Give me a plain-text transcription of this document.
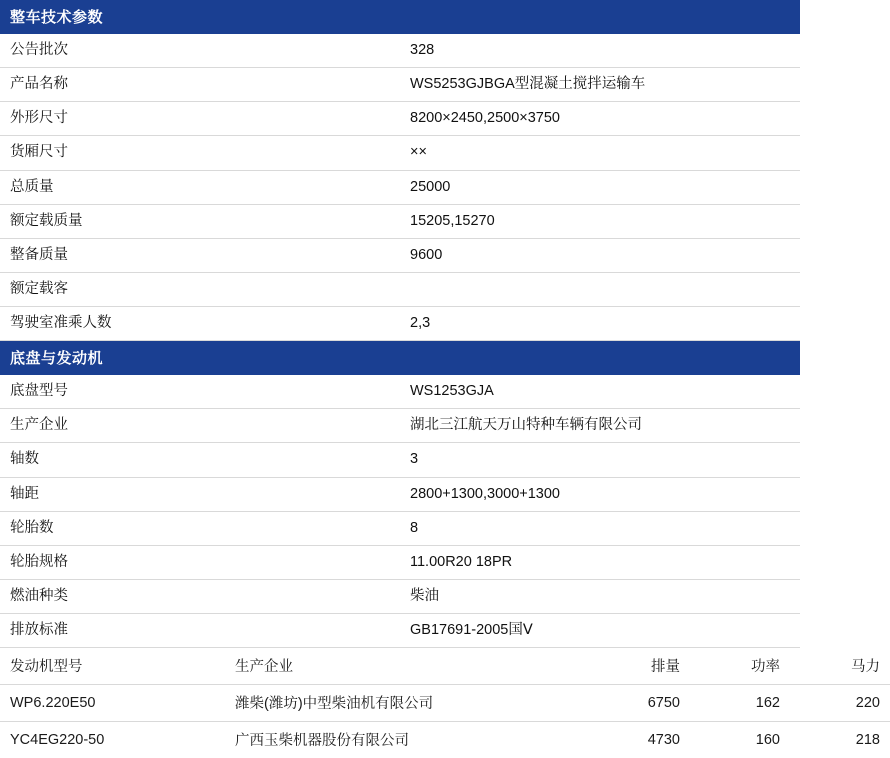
整车技术参数	
公告批次	328
产品名称	WS5253GJBGA型混凝土搅拌运输车
外形尺寸	8200×2450,2500×3750
货厢尺寸	××
总质量	25000
额定载质量	15205,15270
整备质量	9600
额定载客	
驾驶室准乘人数	2,3
底盘与发动机	
底盘型号	WS1253GJA
生产企业	湖北三江航天万山特种车辆有限公司
轴数	3
轴距	2800+1300,3000+1300
轮胎数	8
轮胎规格	11.00R20 18PR
燃油种类	柴油
排放标准	GB17691-2005国Ⅴ
发动机型号	生产企业	排量	功率	马力
WP6.220E50	潍柴(潍坊)中型柴油机有限公司	6750	162	220
YC4EG220-50	广西玉柴机器股份有限公司	4730	160	218
